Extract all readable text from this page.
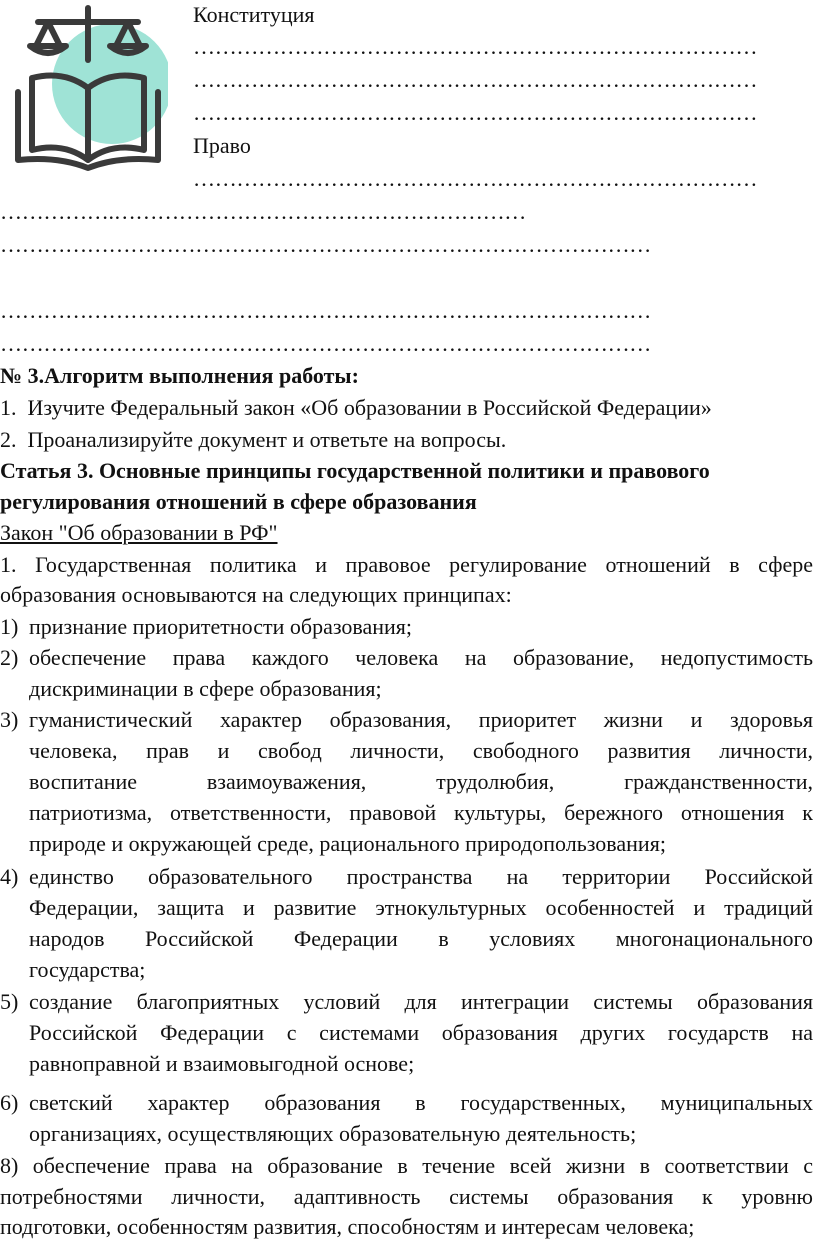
Конституция
……………………………………………………………………
……………………………………………………………………
……………………………………………………………………
Право
……………………………………………………………………
…………….…………………………………………………
………………………………………………………………………………

………………………………………………………………………………
………………………………………………………………………………
№ 3.Алгоритм выполнения работы:
1.  Изучите Федеральный закон «Об образовании в Российской Федерации»
2.  Проанализируйте документ и ответьте на вопросы.
Статья 3. Основные принципы государственной политики и правового
регулирования отношений в сфере образования
Закон "Об образовании в РФ"
1. Государственная политика и правовое регулирование отношений в сфере
образования основываются на следующих принципах:
1) признание приоритетности образования;
2) обеспечение права каждого человека на образование, недопустимость
дискриминации в сфере образования;
3) гуманистический характер образования, приоритет жизни и здоровья
человека, прав и свобод личности, свободного развития личности,
воспитание взаимоуважения, трудолюбия, гражданственности,
патриотизма, ответственности, правовой культуры, бережного отношения к
природе и окружающей среде, рационального природопользования;
4) единство образовательного пространства на территории Российской
Федерации, защита и развитие этнокультурных особенностей и традиций
народов Российской Федерации в условиях многонационального
государства;
5) создание благоприятных условий для интеграции системы образования
Российской Федерации с системами образования других государств на
равноправной и взаимовыгодной основе;
6) светский характер образования в государственных, муниципальных
организациях, осуществляющих образовательную деятельность;
8) обеспечение права на образование в течение всей жизни в соответствии с
потребностями личности, адаптивность системы образования к уровню
подготовки, особенностям развития, способностям и интересам человека;
